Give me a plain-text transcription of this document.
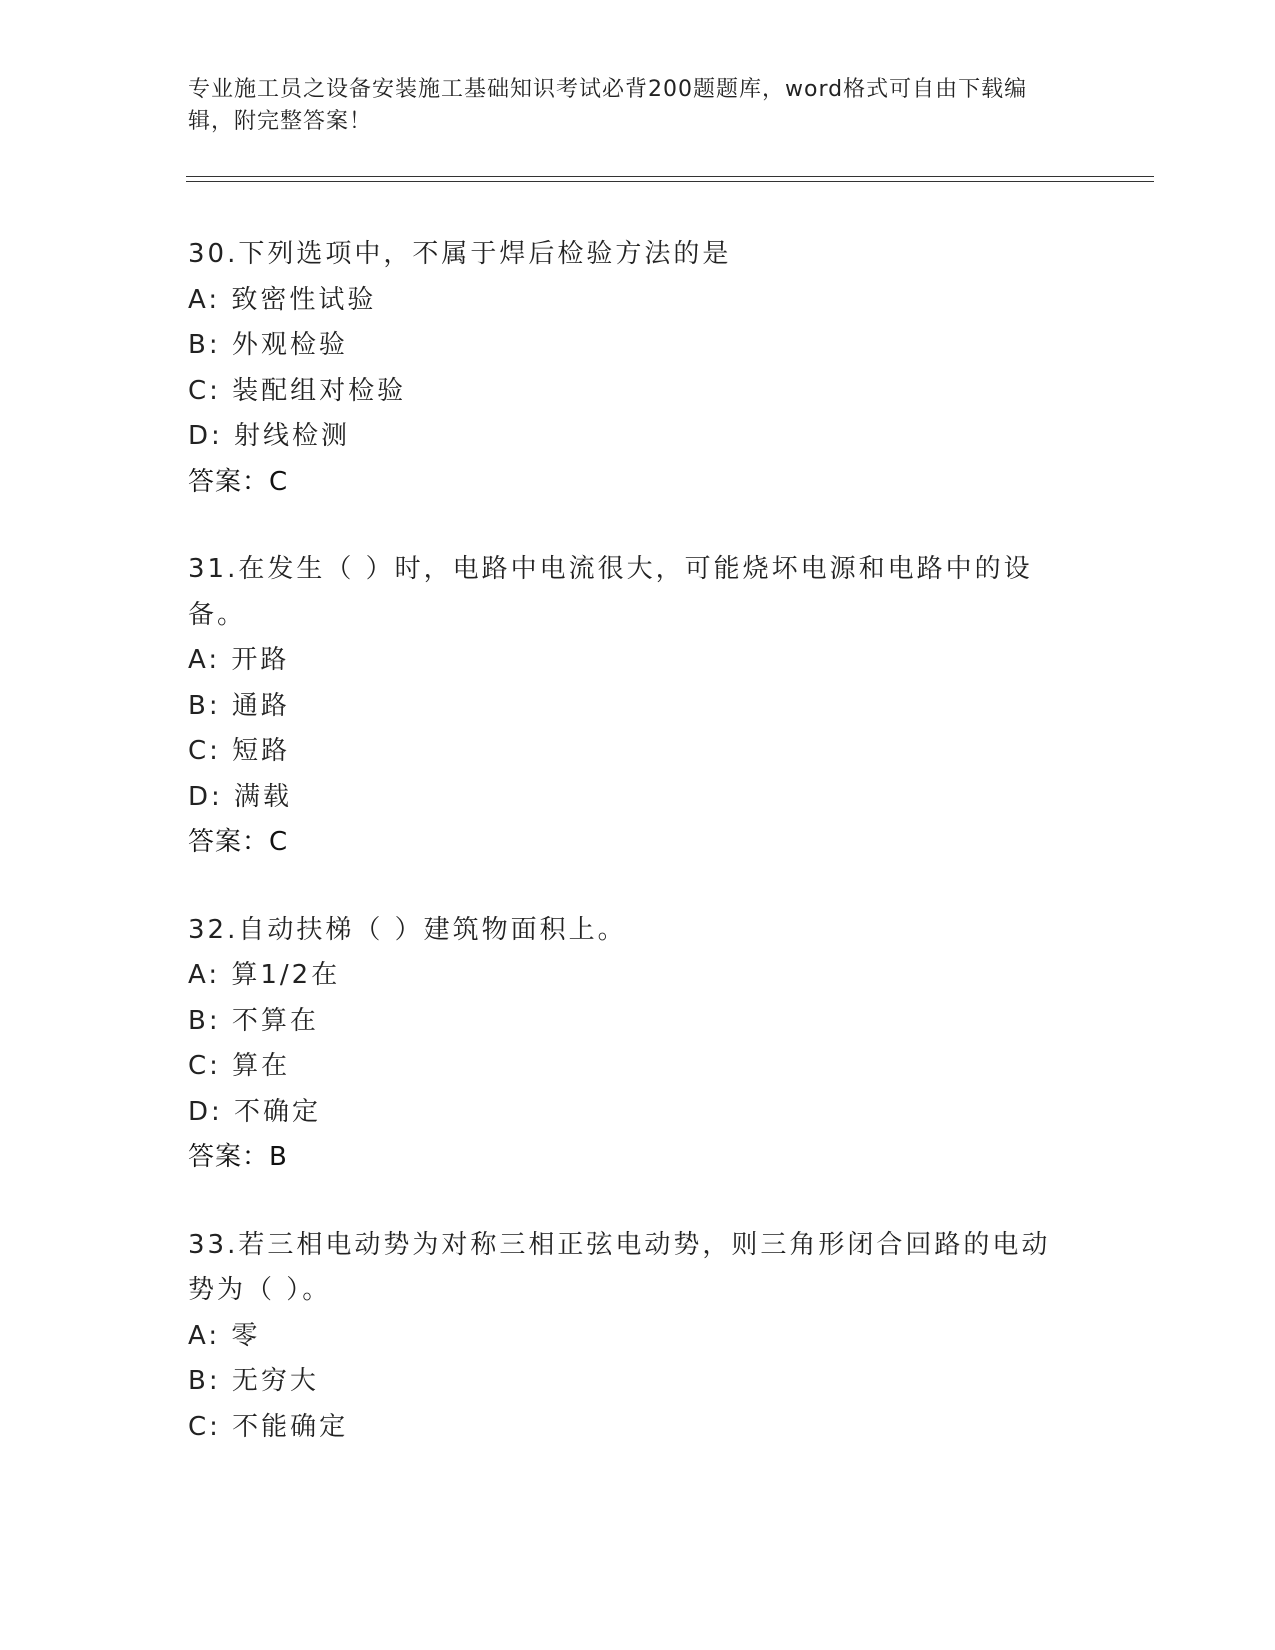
专业施工员之设备安装施工基础知识考试必背200题题库，word格式可自由下载编辑，附完整答案！
30.下列选项中，不属于焊后检验方法的是
A: 致密性试验
B: 外观检验
C: 装配组对检验
D: 射线检测
答案：C
31.在发生（ ）时，电路中电流很大，可能烧坏电源和电路中的设备。
A: 开路
B: 通路
C: 短路
D: 满载
答案：C
32.自动扶梯（ ）建筑物面积上。
A: 算1/2在
B: 不算在
C: 算在
D: 不确定
答案：B
33.若三相电动势为对称三相正弦电动势，则三角形闭合回路的电动势为（ ）。
A: 零
B: 无穷大
C: 不能确定
